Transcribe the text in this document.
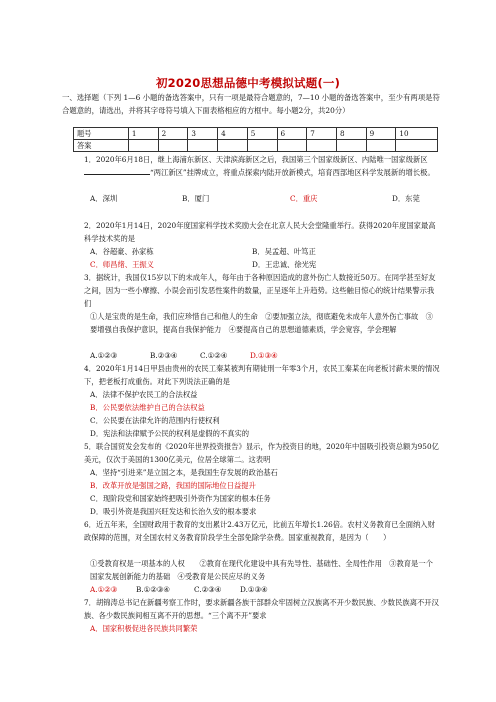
初2020思想品德中考模拟试题(一)
一、选择题（下列 1—6 小题的备选答案中，只有一项是最符合题意的，7—10 小题的备选答案中，至少有两项是符合题意的，请选出，并将其字母符号填入下面表格相应的方框中。每小题2分，共20分）
题号	1	2	3	4	5	6	7	8	9	10
答案										
1．2020年6月18日，继上海浦东新区、天津滨海新区之后，我国第三个国家级新区、内陆唯一国家级新区“两江新区”挂牌成立，将重点探索内陆开放新模式，培育西部地区科学发展新的增长极。
A．深圳	B．厦门	C．重庆	D．东莞
2．2020年1月14日，2020年度国家科学技术奖励大会在北京人民大会堂隆重举行。获得2020年度国家最高科学技术奖的是
A．谷超豪、孙家栋	B．吴孟超、叶笃正
C．师昌绪、王振义	D．王忠诚、徐光宪
3．据统计，我国仅15岁以下的未成年人，每年由于各种原因造成的意外伤亡人数接近50万。在同学甚至好友之间，因为一些小摩擦、小误会而引发恶性案件的数量，正呈逐年上升趋势。这些触目惊心的统计结果警示我们
①人是宝贵的是生命，我们应珍惜自己和他人的生命　②要加强立法，彻底避免未成年人意外伤亡事故　③要增强自我保护意识，提高自我保护能力　④要提高自己的思想道德素质，学会宽容，学会理解
A.①②③	B.②③④	C.①②④	D.①③④
4．2020年1月14日甲县由贵州的农民工秦某被判有期徒刑一年零3个月，农民工秦某在向老板讨薪未果的情况下，把老板打成重伤。对此下列说法正确的是
A．法律不保护农民工的合法权益
B．公民要依法维护自己的合法权益
C．公民要在法律允许的范围内行使权利
D．宪法和法律赋予公民的权利是虚假的不真实的
5．联合国贸发会发布的《2020年世界投资报告》显示，作为投资目的地，2020年中国吸引投资总额为950亿美元，仅次于美国的1300亿美元，位居全球第二。这表明
A．坚持“引进来”是立国之本，是我国生存发展的政治基石
B．改革开放是强国之路，我国的国际地位日益提升
C．现阶段党和国家始终把吸引外资作为国家的根本任务
D．吸引外资是我国兴旺发达和长治久安的根本要求
6．近五年来，全国财政用于教育的支出累计2.43万亿元，比前五年增长1.26倍。农村义务教育已全面纳入财政保障的范围，对全国农村义务教育阶段学生全部免除学杂费。国家重视教育，是因为（　　）
①受教育权是一项基本的人权　　②教育在现代化建设中具有先导性、基础性、全局性作用　③教育是一个国家发展创新能力的基础　④受教育是公民应尽的义务
A.①②③	B.①②③④	C.②③④	D.①③④
7．胡锦涛总书记在新疆考察工作时，要求新疆各族干部群众牢固树立汉族离不开少数民族、少数民族离不开汉族、各少数民族间相互离不开的思想。“三个离不开”要求
A．国家积极促进各民族共同繁荣
